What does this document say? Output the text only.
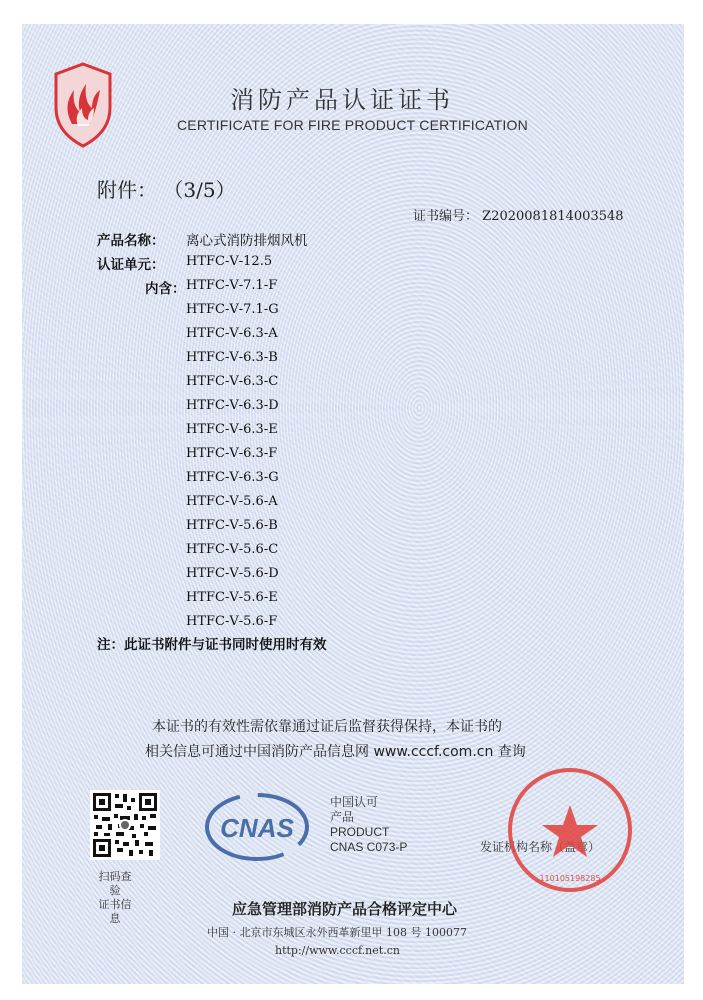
消防产品认证证书
CERTIFICATE FOR FIRE PRODUCT CERTIFICATION
附件： （3/5）
证书编号： Z2020081814003548
产品名称： 离心式消防排烟风机
认证单元： HTFC-Ⅴ-12.5
内含： HTFC-Ⅴ-7.1-F
HTFC-Ⅴ-7.1-G
HTFC-Ⅴ-6.3-A
HTFC-Ⅴ-6.3-B
HTFC-Ⅴ-6.3-C
HTFC-Ⅴ-6.3-D
HTFC-Ⅴ-6.3-E
HTFC-Ⅴ-6.3-F
HTFC-Ⅴ-6.3-G
HTFC-Ⅴ-5.6-A
HTFC-Ⅴ-5.6-B
HTFC-Ⅴ-5.6-C
HTFC-Ⅴ-5.6-D
HTFC-Ⅴ-5.6-E
HTFC-Ⅴ-5.6-F
注：此证书附件与证书同时使用时有效
本证书的有效性需依靠通过证后监督获得保持，本证书的
相关信息可通过中国消防产品信息网 www.cccf.com.cn 查询
扫码查验
证书信息
CNAS
中国认可
产品
PRODUCT
CNAS C073-P	发证机构名称（盖章）
110105198285
应急管理部消防产品合格评定中心
中国 · 北京市东城区永外西革新里甲 108 号 100077
http://www.cccf.net.cn
